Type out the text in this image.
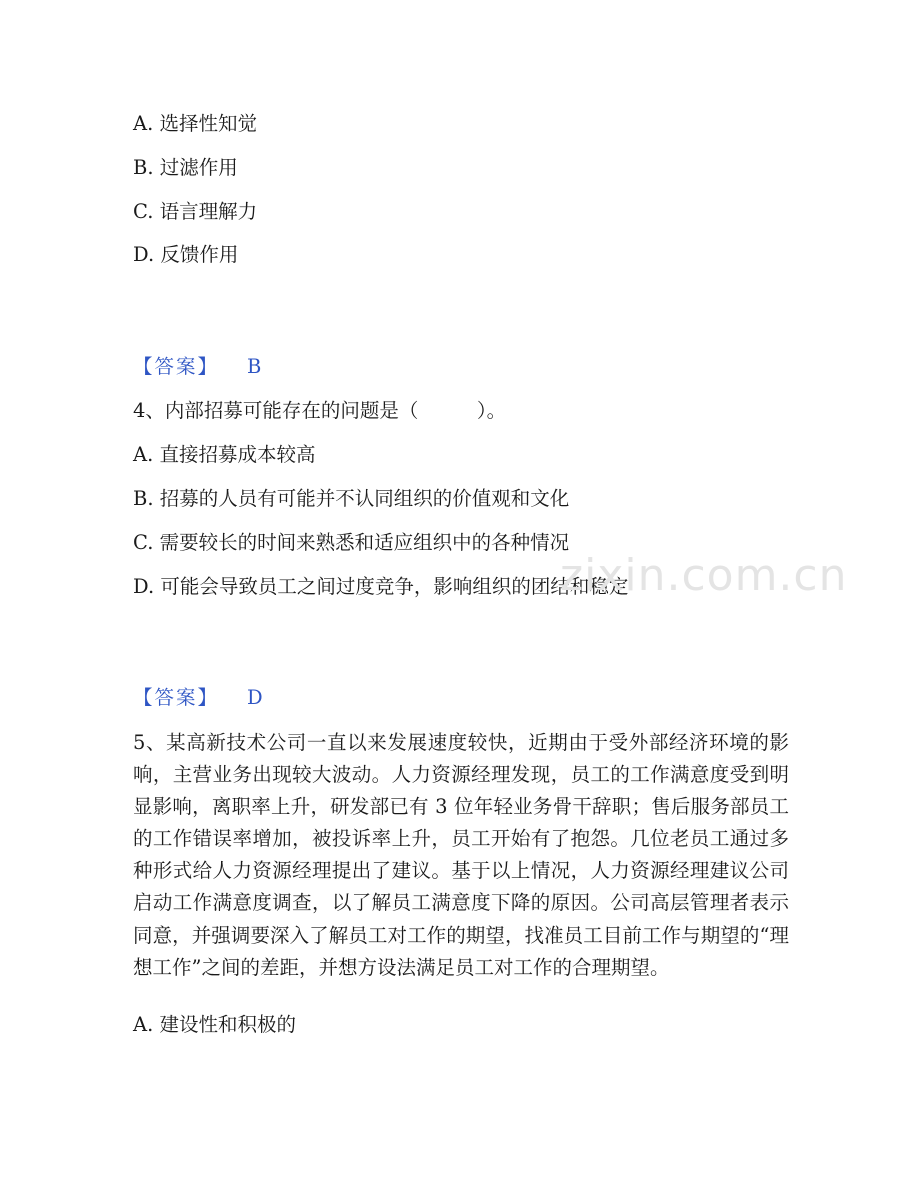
A. 选择性知觉
B. 过滤作用
C. 语言理解力
D. 反馈作用
【答案】 B
4、内部招募可能存在的问题是（　　　）。
A. 直接招募成本较高
B. 招募的人员有可能并不认同组织的价值观和文化
C. 需要较长的时间来熟悉和适应组织中的各种情况
D. 可能会导致员工之间过度竞争，影响组织的团结和稳定
【答案】 D
5、某高新技术公司一直以来发展速度较快，近期由于受外部经济环境的影响，主营业务出现较大波动。人力资源经理发现，员工的工作满意度受到明显影响，离职率上升，研发部已有 3 位年轻业务骨干辞职；售后服务部员工的工作错误率增加，被投诉率上升，员工开始有了抱怨。几位老员工通过多种形式给人力资源经理提出了建议。基于以上情况，人力资源经理建议公司启动工作满意度调查，以了解员工满意度下降的原因。公司高层管理者表示同意，并强调要深入了解员工对工作的期望，找准员工目前工作与期望的“理想工作”之间的差距，并想方设法满足员工对工作的合理期望。
A. 建设性和积极的
zixin.com.cn
